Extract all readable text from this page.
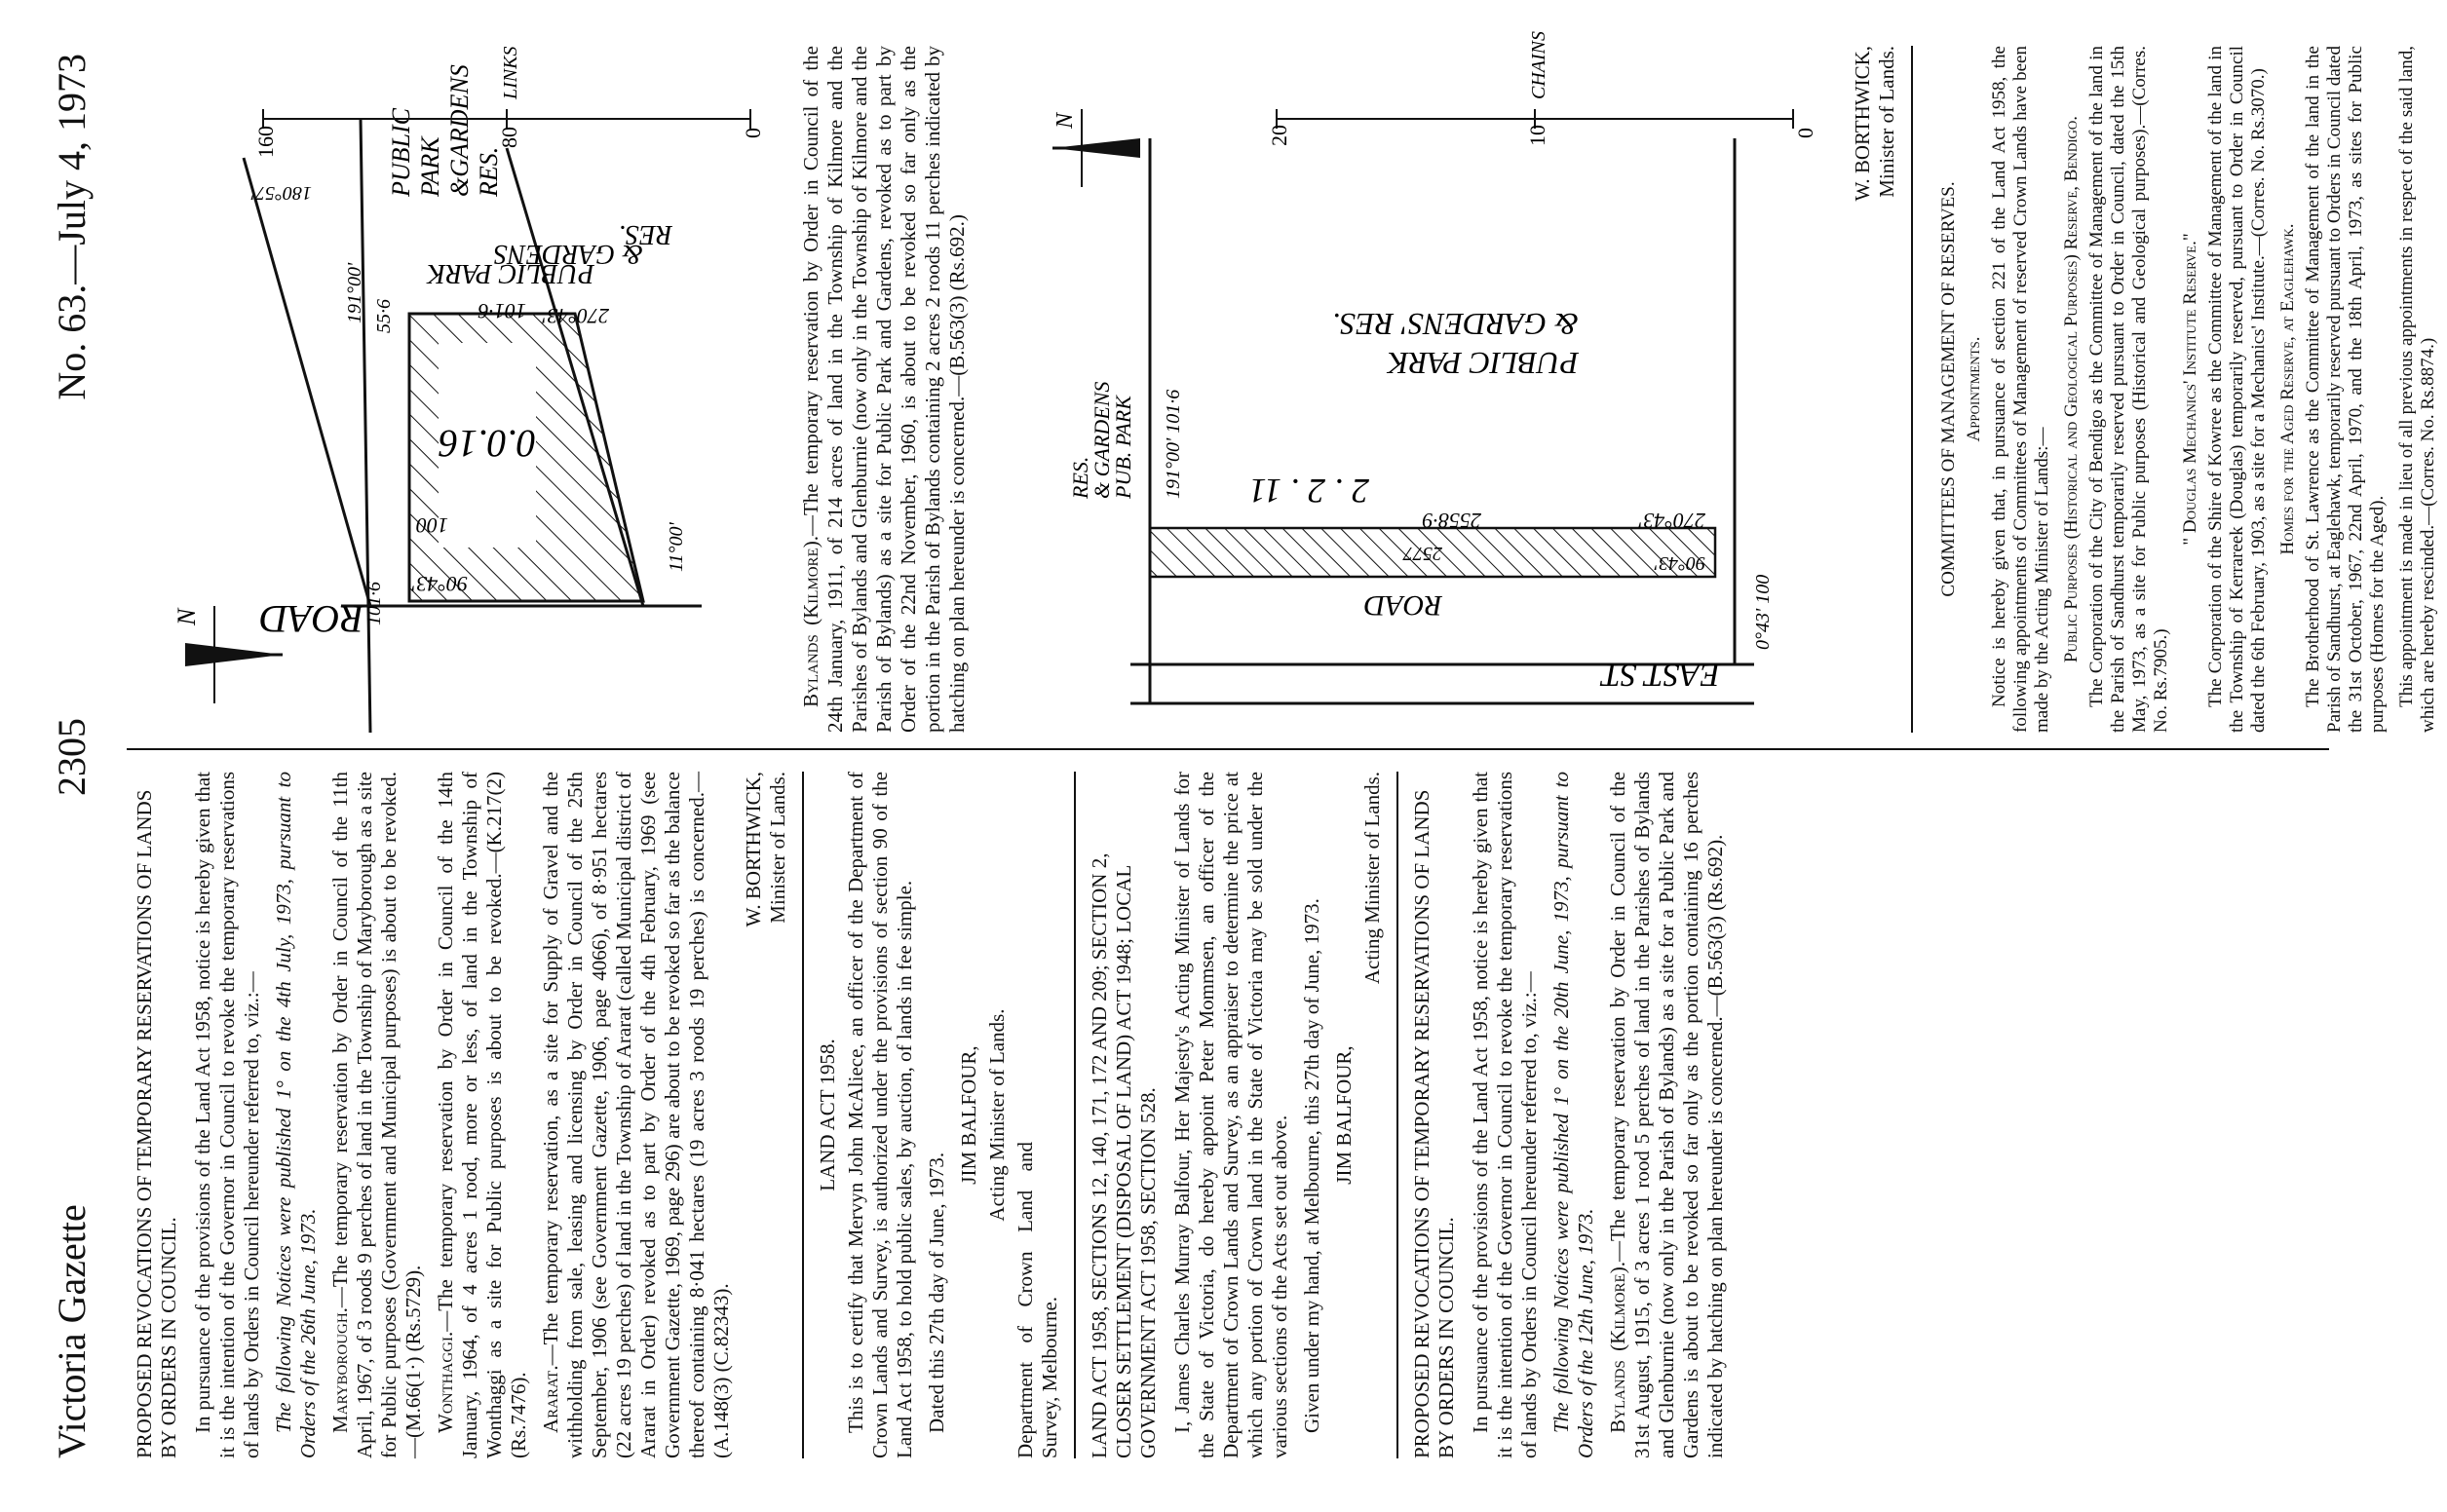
Victoria Gazette
2305
No. 63.—July 4, 1973

PROPOSED REVOCATIONS OF TEMPORARY RESERVATIONS OF LANDS BY ORDERS IN COUNCIL. In pursuance of the provisions of the Land Act 1958, notice is hereby given that it is the intention of the Governor in Council to revoke the temporary reservations of lands by Orders in Council hereunder referred to, viz.:— The following Notices were published 1° on the 4th July, 1973, pursuant to Orders of the 26th June, 1973. Maryborough.—The temporary reservation by Order in Council of the 11th April, 1967, of 3 roods 9 perches of land in the Township of Maryborough as a site for Public purposes (Government and Municipal purposes) is about to be revoked.—(M.66(1·) (Rs.5729). Wonthaggi.—The temporary reservation by Order in Council of the 14th January, 1964, of 4 acres 1 rood, more or less, of land in the Township of Wonthaggi as a site for Public purposes is about to be revoked.—(K.217(2) (Rs.7476). Ararat.—The temporary reservation, as a site for Supply of Gravel and the withholding from sale, leasing and licensing by Order in Council of the 25th September, 1906 (see Government Gazette, 1906, page 4066), of 8·951 hectares (22 acres 19 perches) of land in the Township of Ararat (called Municipal district of Ararat in Order) revoked as to part by Order of the 4th February, 1969 (see Government Gazette, 1969, page 296) are about to be revoked so far as the balance thereof containing 8·041 hectares (19 acres 3 roods 19 perches) is concerned.—(A.148(3) (C.82343).

W. BORTHWICK, Minister of Lands.

LAND ACT 1958. This is to certify that Mervyn John McAliece, an officer of the Department of Crown Lands and Survey, is authorized under the provisions of section 90 of the Land Act 1958, to hold public sales, by auction, of lands in fee simple. Dated this 27th day of June, 1973.

JIM BALFOUR, Acting Minister of Lands.

Department of Crown Land and Survey, Melbourne. LAND ACT 1958, SECTIONS 12, 140, 171, 172 AND 209; SECTION 2, CLOSER SETTLEMENT (DISPOSAL OF LAND) ACT 1948; LOCAL GOVERNMENT ACT 1958, SECTION 528. I, James Charles Murray Balfour, Her Majesty's Acting Minister of Lands for the State of Victoria, do hereby appoint Peter Mommsen, an officer of the Department of Crown Lands and Survey, as an appraiser to determine the price at which any portion of Crown land in the State of Victoria may be sold under the various sections of the Acts set out above. Given under my hand, at Melbourne, this 27th day of June, 1973. JIM BALFOUR,

Acting Minister of Lands. PROPOSED REVOCATIONS OF TEMPORARY RESERVATIONS OF LANDS BY ORDERS IN COUNCIL. In pursuance of the provisions of the Land Act 1958, notice is hereby given that it is the intention of the Governor in Council to revoke the temporary reservations of lands by Orders in Council hereunder referred to, viz.:— The following Notices were published 1° on the 20th June, 1973, pursuant to Orders of the 12th June, 1973. Bylands (Kilmore).—The temporary reservation by Order in Council of the 31st August, 1915, of 3 acres 1 rood 5 perches of land in the Parishes of Bylands and Glenburnie (now only in the Parish of Bylands) as a site for a Public Park and Gardens is about to be revoked so far only as the portion containing 16 perches indicated by hatching on plan hereunder is concerned.—(B.563(3) (Rs.692).

N
0.0.16
ROAD
90°43'
100
270°43'
101·6
55·6
191°00'
180°57'
101·6
11°00'
PUBLIC PARK
& GARDENS
RES.
PUBLIC PARK &GARDENS RES.
0
80
160
LINKS

Bylands (Kilmore).—The temporary reservation by Order in Council of the 24th January, 1911, of 214 acres of land in the Township of Kilmore and the Parishes of Bylands and Glenburnie (now only in the Township of Kilmore and the Parish of Bylands) as a site for Public Park and Gardens, revoked as to part by Order of the 22nd November, 1960, is about to be revoked so far only as the portion in the Parish of Bylands containing 2 acres 2 roods 11 perches indicated by hatching on plan hereunder is concerned.—(B.563(3) (Rs.692.)	EAST ST
ROAD
2 . 2 . 11
2577
2558·9	270°43'
90°43'
PUBLIC PARK
& GARDENS' RES.
PUB. PARK
& GARDENS
RES.	191°00' 101·6
0°43' 100
N
0
10
20
CHAINS	W. BORTHWICK, Minister of Lands.

COMMITTEES OF MANAGEMENT OF RESERVES. Appointments. Notice is hereby given that, in pursuance of section 221 of the Land Act 1958, the following appointments of Committees of Management of reserved Crown Lands have been made by the Acting Minister of Lands:— Public Purposes (Historical and Geological Purposes) Reserve, Bendigo. The Corporation of the City of Bendigo as the Committee of Management of the land in the Parish of Sandhurst temporarily reserved pursuant to Order in Council, dated the 15th May, 1973, as a site for Public purposes (Historical and Geological purposes).—(Corres. No. Rs.7905.)

" Douglas Mechanics' Institute Reserve." The Corporation of the Shire of Kowree as the Committee of Management of the land in the Township of Kerrareek (Douglas) temporarily reserved, pursuant to Order in Council dated the 6th February, 1903, as a site for a Mechanics' Institute.—(Corres. No. Rs.3070.) Homes for the Aged Reserve, at Eaglehawk. The Brotherhood of St. Lawrence as the Committee of Management of the land in the Parish of Sandhurst, at Eaglehawk, temporarily reserved pursuant to Orders in Council dated the 31st October, 1967, 22nd April, 1970, and the 18th April, 1973, as sites for Public purposes (Homes for the Aged). This appointment is made in lieu of all previous appointments in respect of the said land, which are hereby rescinded.—(Corres. No. Rs.8874.)
